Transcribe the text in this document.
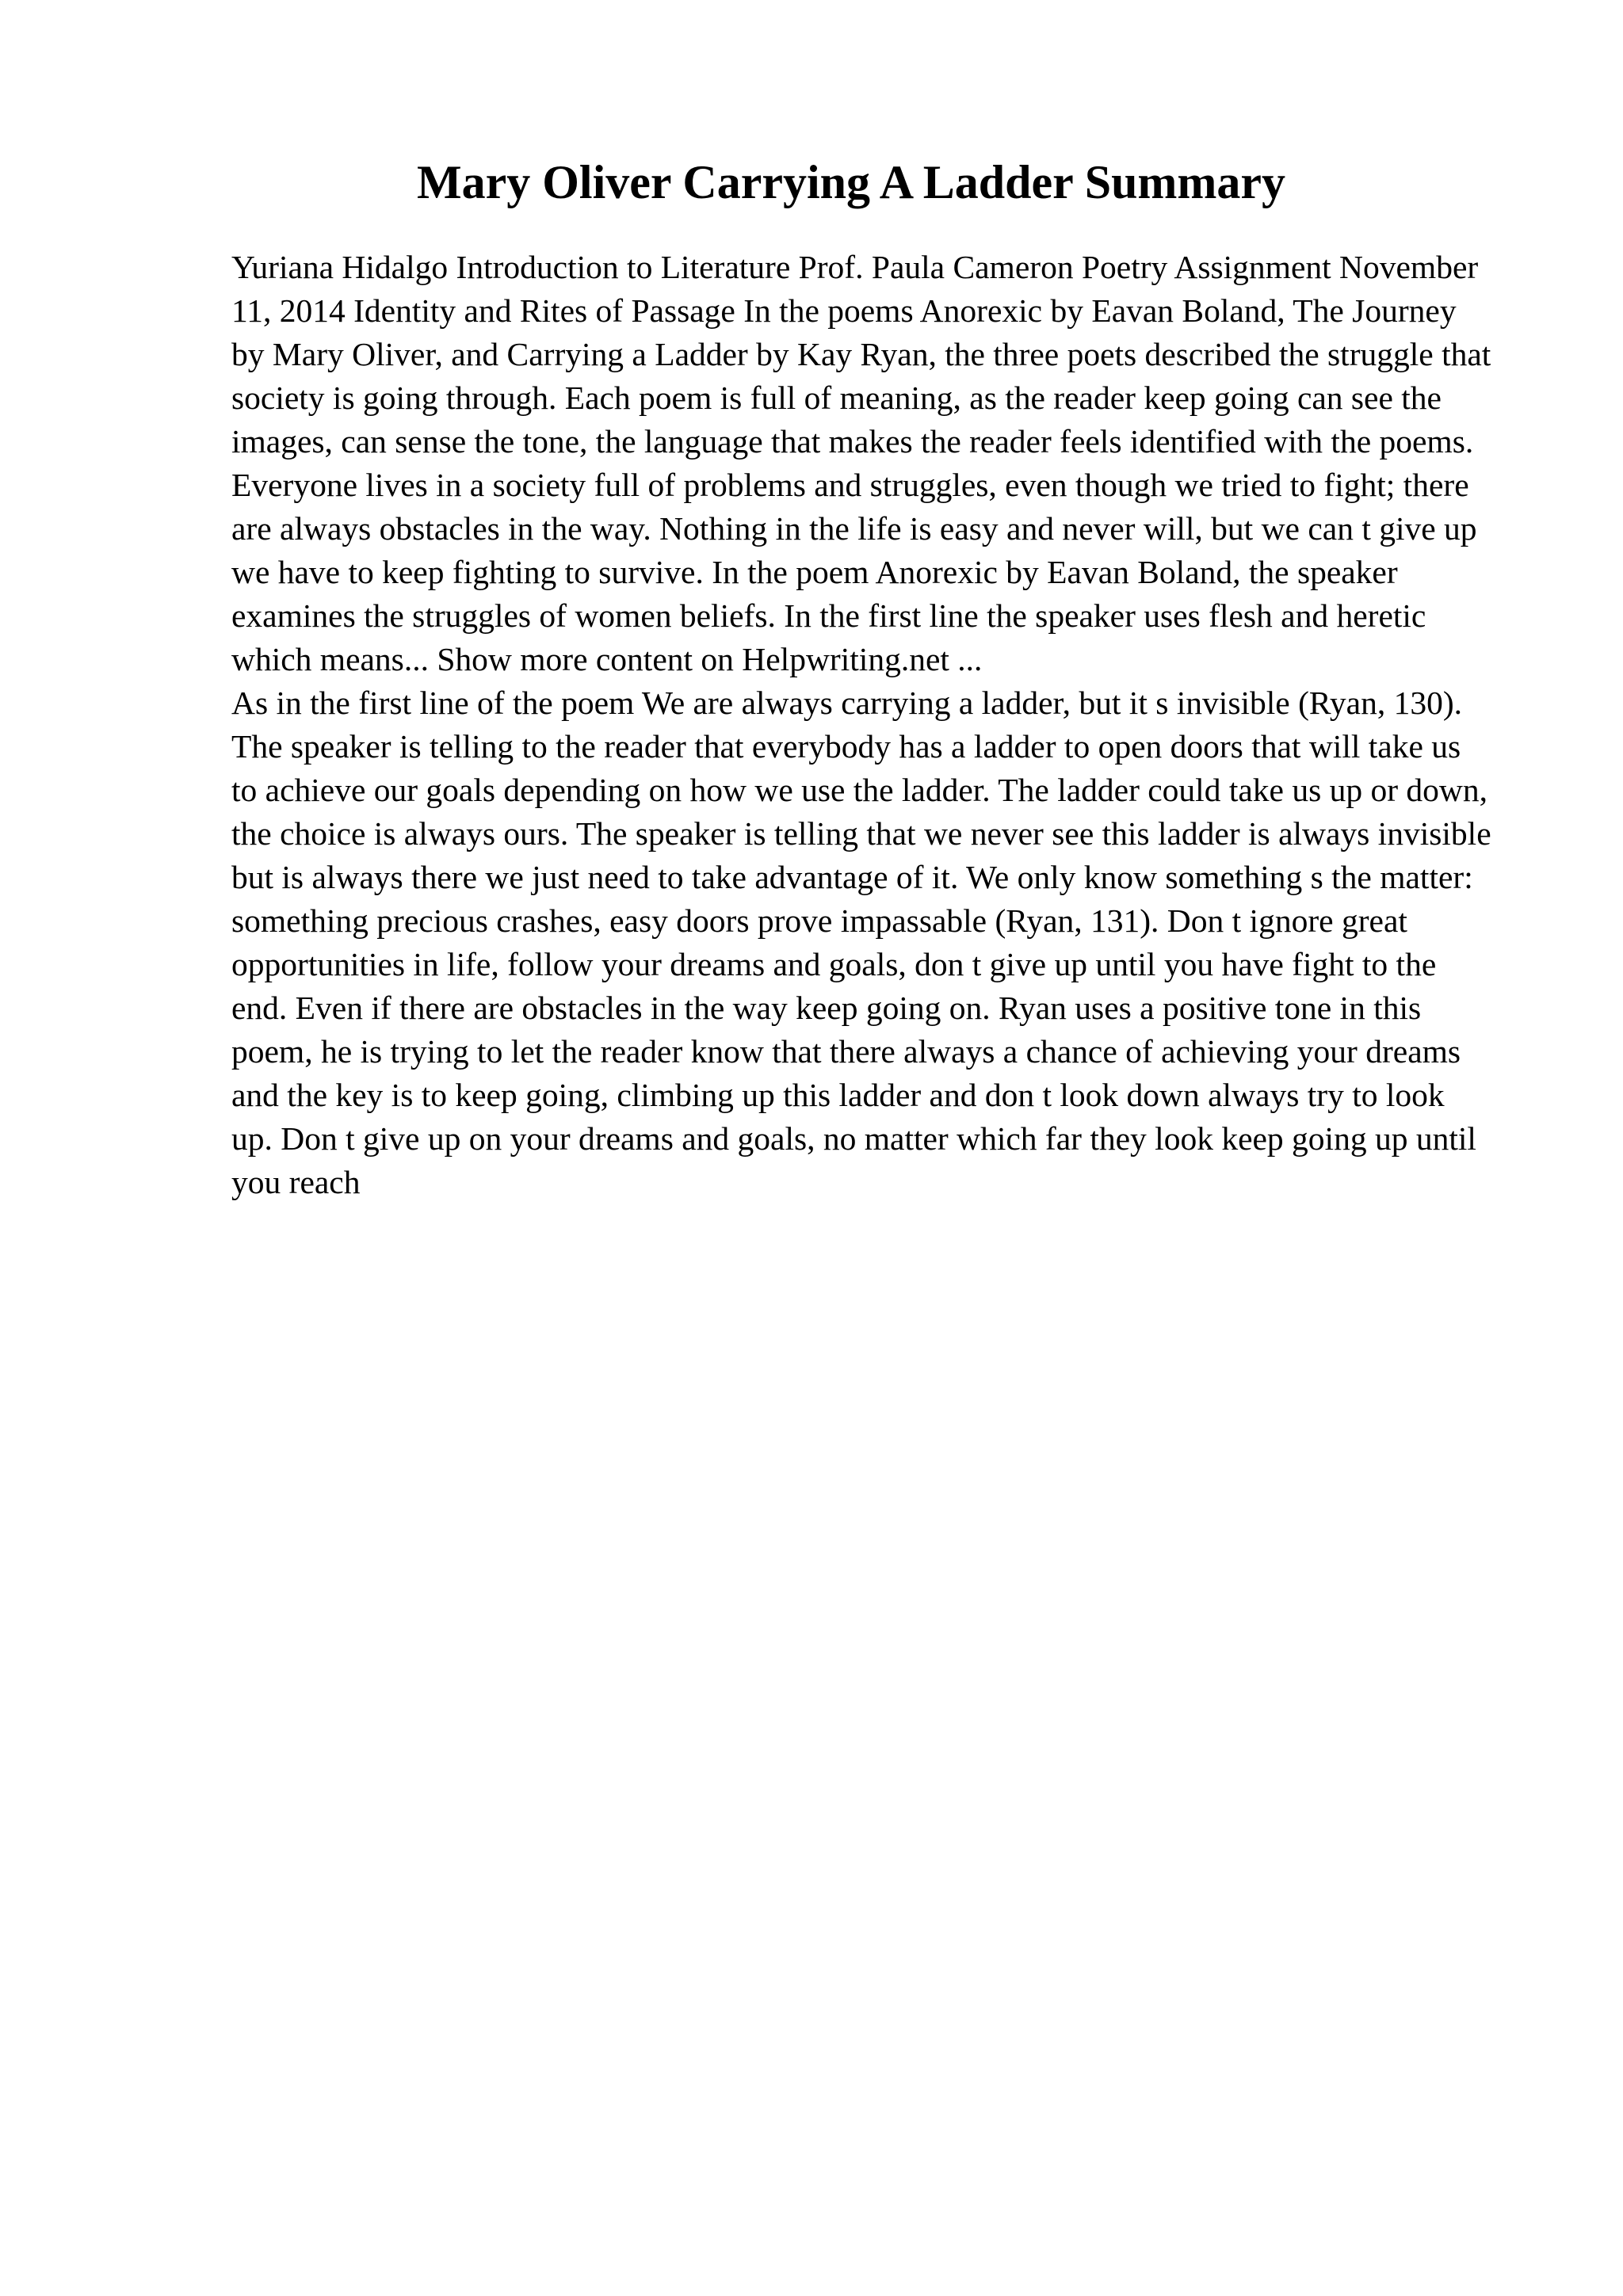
Mary Oliver Carrying A Ladder Summary

Yuriana Hidalgo Introduction to Literature Prof. Paula Cameron Poetry Assignment November 11, 2014 Identity and Rites of Passage In the poems Anorexic by Eavan Boland, The Journey by Mary Oliver, and Carrying a Ladder by Kay Ryan, the three poets described the struggle that society is going through. Each poem is full of meaning, as the reader keep going can see the images, can sense the tone, the language that makes the reader feels identified with the poems. Everyone lives in a society full of problems and struggles, even though we tried to fight; there are always obstacles in the way. Nothing in the life is easy and never will, but we can t give up we have to keep fighting to survive. In the poem Anorexic by Eavan Boland, the speaker examines the struggles of women beliefs. In the first line the speaker uses flesh and heretic which means... Show more content on Helpwriting.net ...

As in the first line of the poem We are always carrying a ladder, but it s invisible (Ryan, 130). The speaker is telling to the reader that everybody has a ladder to open doors that will take us to achieve our goals depending on how we use the ladder. The ladder could take us up or down, the choice is always ours. The speaker is telling that we never see this ladder is always invisible but is always there we just need to take advantage of it. We only know something s the matter: something precious crashes, easy doors prove impassable (Ryan, 131). Don t ignore great opportunities in life, follow your dreams and goals, don t give up until you have fight to the end. Even if there are obstacles in the way keep going on. Ryan uses a positive tone in this poem, he is trying to let the reader know that there always a chance of achieving your dreams and the key is to keep going, climbing up this ladder and don t look down always try to look up. Don t give up on your dreams and goals, no matter which far they look keep going up until you reach
